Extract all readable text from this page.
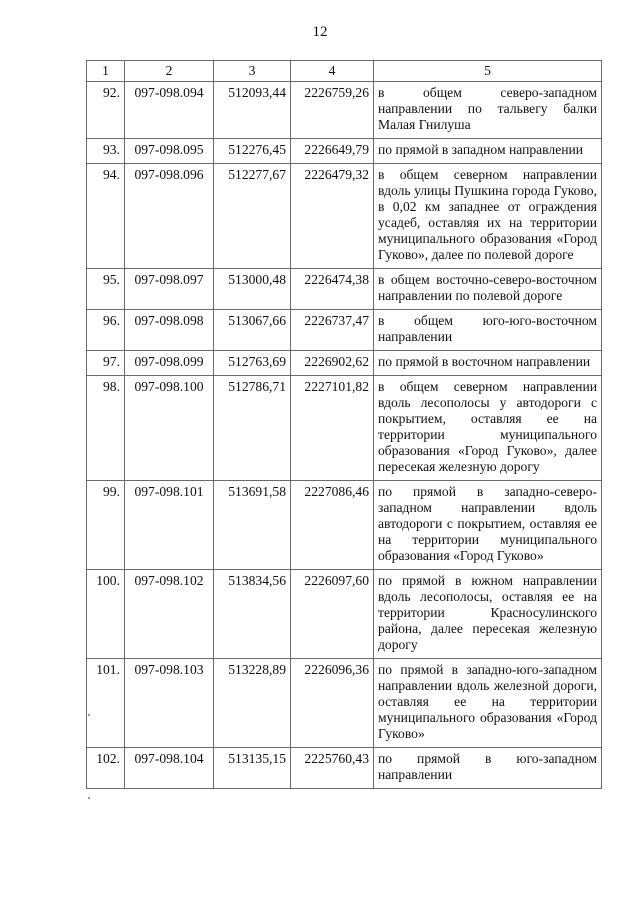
12
1	2	3	4	5
92.	097-098.094	512093,44	2226759,26	в общем северо-западном направлении по тальвегу балки Малая Гнилуша
93.	097-098.095	512276,45	2226649,79	по прямой в западном направлении
94.	097-098.096	512277,67	2226479,32	в общем северном направлении вдоль улицы Пушкина города Гуково, в 0,02 км западнее от ограждения усадеб, оставляя их на территории муниципального образования «Город Гуково», далее по полевой дороге
95.	097-098.097	513000,48	2226474,38	в общем восточно-северо-восточном направлении по полевой дороге
96.	097-098.098	513067,66	2226737,47	в общем юго-юго-восточном направлении
97.	097-098.099	512763,69	2226902,62	по прямой в восточном направлении
98.	097-098.100	512786,71	2227101,82	в общем северном направлении вдоль лесополосы у автодороги с покрытием, оставляя ее на территории муниципального образования «Город Гуково», далее пересекая железную дорогу
99.	097-098.101	513691,58	2227086,46	по прямой в западно-северо-западном направлении вдоль автодороги с покрытием, оставляя ее на территории муниципального образования «Город Гуково»
100.	097-098.102	513834,56	2226097,60	по прямой в южном направлении вдоль лесополосы, оставляя ее на территории Красносулинского района, далее пересекая железную дорогу
101.	097-098.103	513228,89	2226096,36	по прямой в западно-юго-западном направлении вдоль железной дороги, оставляя ее на территории муниципального образования «Город Гуково»
102.	097-098.104	513135,15	2225760,43	по прямой в юго-западном направлении
